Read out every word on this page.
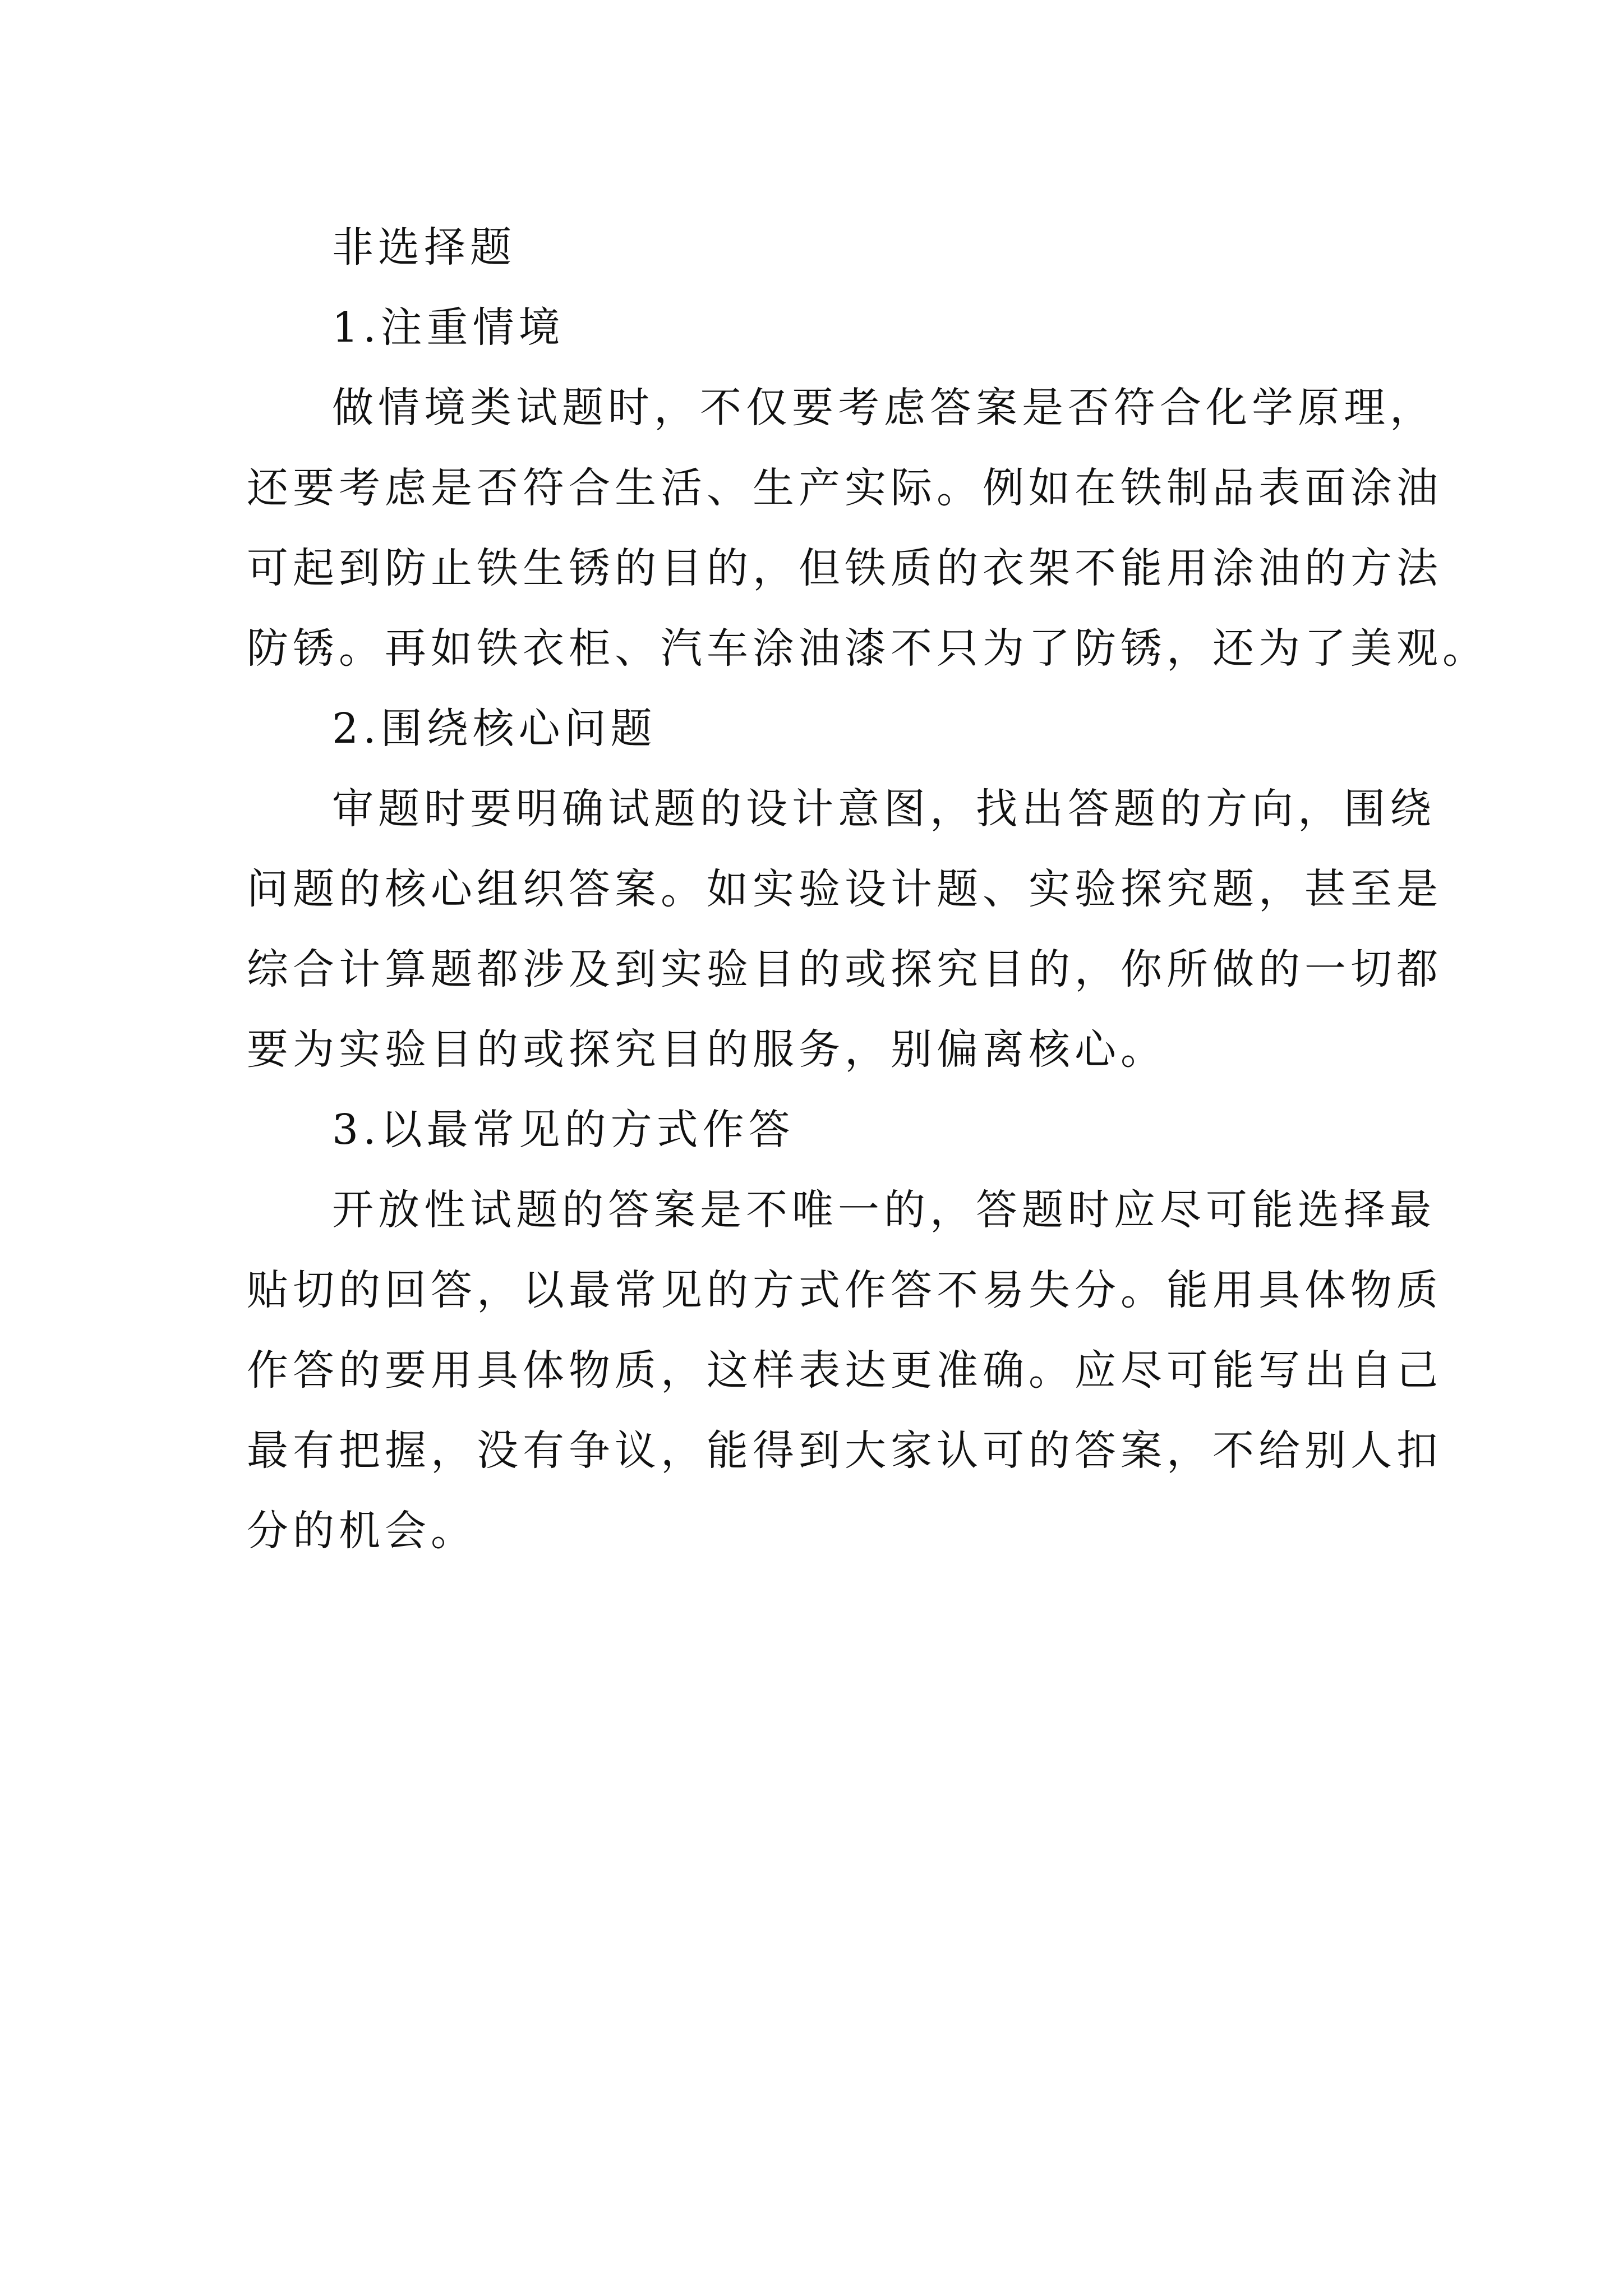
非选择题

1.注重情境

做情境类试题时，不仅要考虑答案是否符合化学原理，

还要考虑是否符合生活、生产实际。例如在铁制品表面涂油

可起到防止铁生锈的目的，但铁质的衣架不能用涂油的方法

防锈。再如铁衣柜、汽车涂油漆不只为了防锈，还为了美观。

2.围绕核心问题

审题时要明确试题的设计意图，找出答题的方向，围绕

问题的核心组织答案。如实验设计题、实验探究题，甚至是

综合计算题都涉及到实验目的或探究目的，你所做的一切都

要为实验目的或探究目的服务，别偏离核心。

3.以最常见的方式作答

开放性试题的答案是不唯一的，答题时应尽可能选择最

贴切的回答，以最常见的方式作答不易失分。能用具体物质

作答的要用具体物质，这样表达更准确。应尽可能写出自己

最有把握，没有争议，能得到大家认可的答案，不给别人扣

分的机会。
